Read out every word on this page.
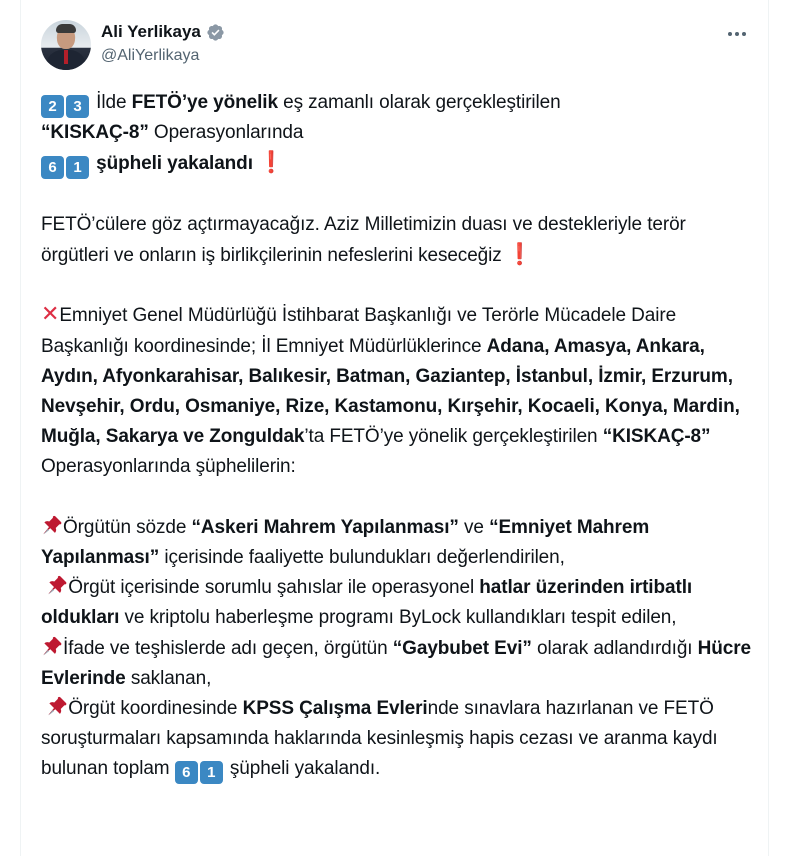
Ali Yerlikaya
@AliYerlikaya

2 3 İlde FETÖ’ye yönelik eş zamanlı olarak gerçekleştirilen
“KISKAÇ-8” Operasyonlarında
6 1 şüpheli yakalandı ❗

FETÖ’cülere göz açtırmayacağız. Aziz Milletimizin duası ve destekleriyle terör örgütleri ve onların iş birlikçilerinin nefeslerini keseceğiz ❗

✕Emniyet Genel Müdürlüğü İstihbarat Başkanlığı ve Terörle Mücadele Daire Başkanlığı koordinesinde; İl Emniyet Müdürlüklerince Adana, Amasya, Ankara, Aydın, Afyonkarahisar, Balıkesir, Batman, Gaziantep, İstanbul, İzmir, Erzurum, Nevşehir, Ordu, Osmaniye, Rize, Kastamonu, Kırşehir, Kocaeli, Konya, Mardin, Muğla, Sakarya ve Zonguldak’ta FETÖ’ye yönelik gerçekleştirilen “KISKAÇ-8”
Operasyonlarında şüphelilerin:

Örgütün sözde “Askeri Mahrem Yapılanması” ve “Emniyet Mahrem Yapılanması” içerisinde faaliyette bulundukları değerlendirilen,

Örgüt içerisinde sorumlu şahıslar ile operasyonel hatlar üzerinden irtibatlı oldukları ve kriptolu haberleşme programı ByLock kullandıkları tespit edilen,

İfade ve teşhislerde adı geçen, örgütün “Gaybubet Evi” olarak adlandırdığı Hücre Evlerinde saklanan,

Örgüt koordinesinde KPSS Çalışma Evlerinde sınavlara hazırlanan ve FETÖ soruşturmaları kapsamında haklarında kesinleşmiş hapis cezası ve aranma kaydı bulunan toplam 6 1 şüpheli yakalandı.
